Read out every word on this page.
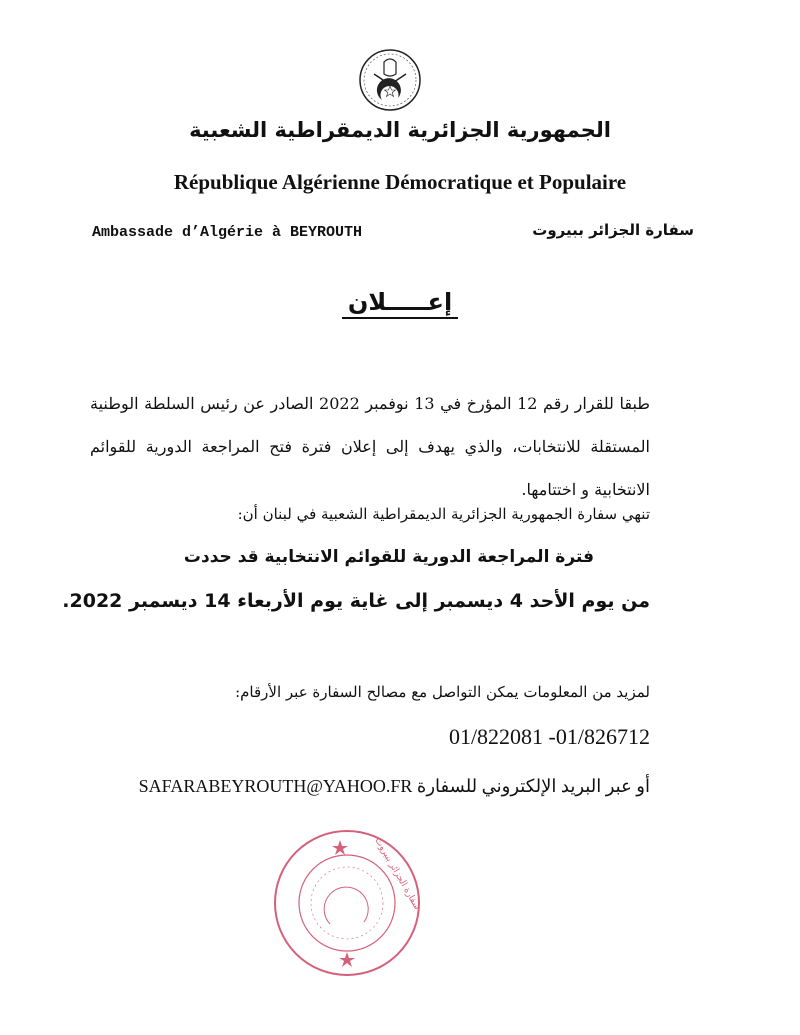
الجمهورية الجزائرية الديمقراطية الشعبية
République Algérienne Démocratique et Populaire
Ambassade d’Algérie à BEYROUTH	سفارة الجزائر ببيروت
إعـــــلان
طبقا للقرار رقم 12 المؤرخ في 13 نوفمبر 2022 الصادر عن رئيس السلطة الوطنية المستقلة للانتخابات، والذي يهدف إلى إعلان فترة فتح المراجعة الدورية للقوائم الانتخابية و اختتامها.
تنهي سفارة الجمهورية الجزائرية الديمقراطية الشعبية في لبنان أن:
فترة المراجعة الدورية للقوائم الانتخابية قد حددت
من يوم الأحد 4 ديسمبر إلى غاية يوم الأربعاء 14 ديسمبر 2022.
لمزيد من المعلومات يمكن التواصل مع مصالح السفارة عبر الأرقام:
01/822081 -01/826712
أو عبر البريد الإلكتروني للسفارة SAFARABEYROUTH@YAHOO.FR
سفارة الجزائر ببيروت
